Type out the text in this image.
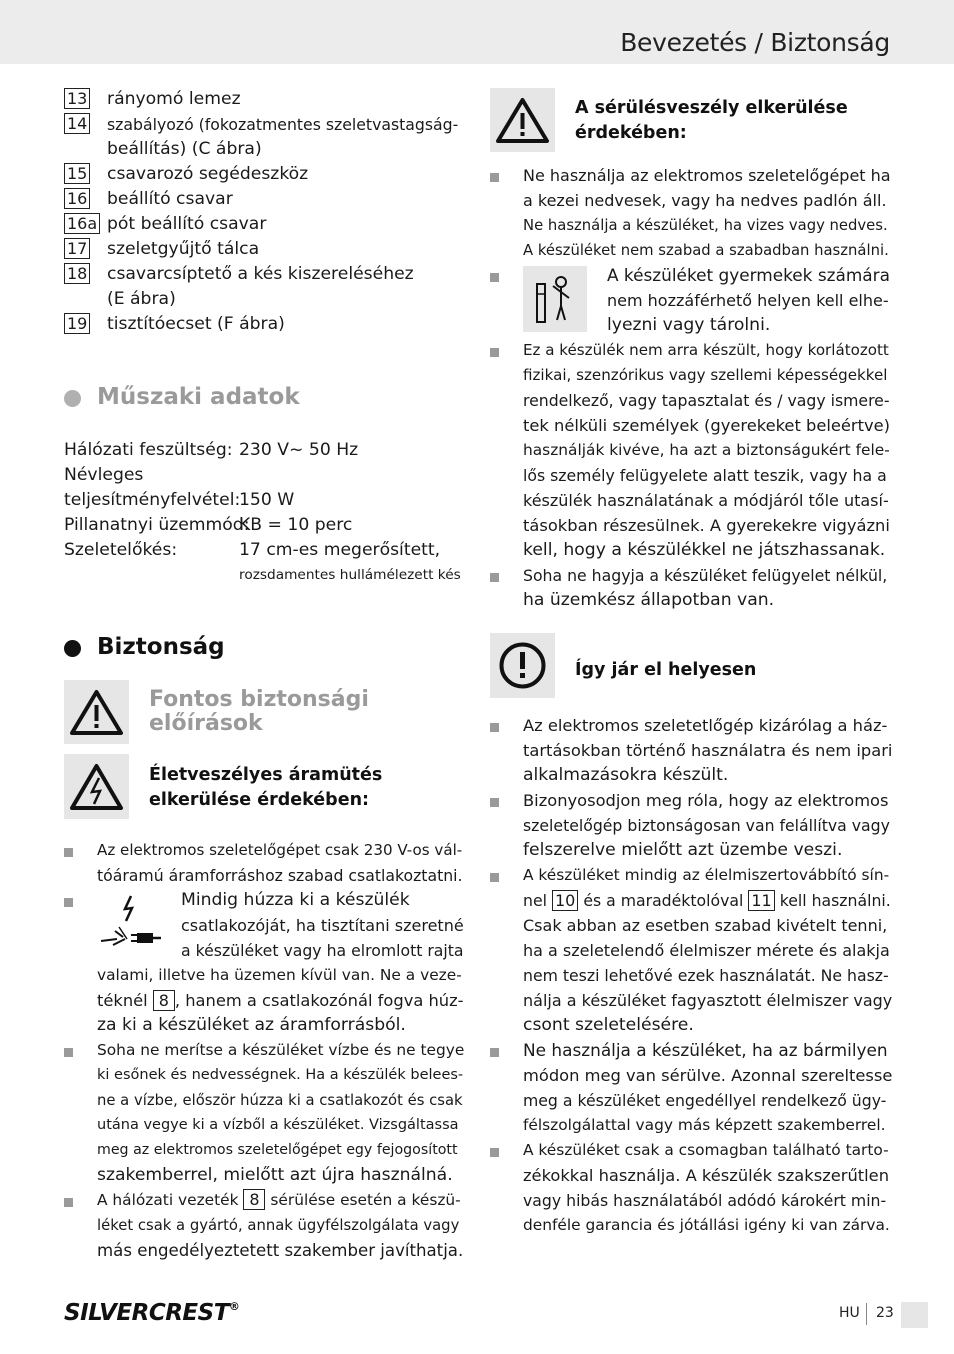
Bevezetés / Biztonság
Műszaki adatok
Biztonság
Fontos biztonsági
előírások
Életveszélyes áramütés
elkerülése érdekében:
A sérülésveszély elkerülése
érdekében:
Így jár el helyesen
SILVERCREST®	HU 23
13 rányomó lemez
14 szabályozó (fokozatmentes szeletvastagság-
beállítás) (C ábra)
15 csavarozó segédeszköz
16 beállító csavar
16a pót beállító csavar
17 szeletgyűjtő tálca
18 csavarcsíptető a kés kiszereléséhez
(E ábra)
19 tisztítóecset (F ábra)
Hálózati feszültség: 230 V~ 50 Hz
Névleges
teljesítményfelvétel:
150 W
Pillanatnyi üzemmód:
KB = 10 perc
Szeletelőkés:	17 cm-es megerősített,
rozsdamentes hullámélezett kés
Az elektromos szeletelőgépet csak 230 V-os vál-
tóáramú áramforráshoz szabad csatlakoztatni.
Mindig húzza ki a készülék
csatlakozóját, ha tisztítani szeretné
a készüléket vagy ha elromlott rajta
valami, illetve ha üzemen kívül van. Ne a veze-
téknél 8 , hanem a csatlakozónál fogva húz-
za ki a készüléket az áramforrásból.
Soha ne merítse a készüléket vízbe és ne tegye
ki esőnek és nedvességnek. Ha a készülék belees-
ne a vízbe, először húzza ki a csatlakozót és csak
utána vegye ki a vízből a készüléket. Vizsgáltassa
meg az elektromos szeletelőgépet egy fejogosított
szakemberrel, mielőtt azt újra használná.
A hálózati vezeték 8 sérülése esetén a készü-
léket csak a gyártó, annak ügyfélszolgálata vagy
más engedélyeztetett szakember javíthatja.
Ne használja az elektromos szeletelőgépet ha
a kezei nedvesek, vagy ha nedves padlón áll.
Ne használja a készüléket, ha vizes vagy nedves.
A készüléket nem szabad a szabadban használni.
A készüléket gyermekek számára
nem hozzáférhető helyen kell elhe-
lyezni vagy tárolni.
Ez a készülék nem arra készült, hogy korlátozott
fizikai, szenzórikus vagy szellemi képességekkel
rendelkező, vagy tapasztalat és / vagy ismere-
tek nélküli személyek (gyerekeket beleértve)
használják kivéve, ha azt a biztonságukért fele-
lős személy felügyelete alatt teszik, vagy ha a
készülék használatának a módjáról tőle utasí-
tásokban részesülnek. A gyerekekre vigyázni
kell, hogy a készülékkel ne játszhassanak.
Soha ne hagyja a készüléket felügyelet nélkül,
ha üzemkész állapotban van.
Az elektromos szeletetlőgép kizárólag a ház-
tartásokban történő használatra és nem ipari
alkalmazásokra készült.
Bizonyosodjon meg róla, hogy az elektromos
szeletelőgép biztonságosan van felállítva vagy
felszerelve mielőtt azt üzembe veszi.
A készüléket mindig az élelmiszertovábbító sín-
nel 10 és a maradéktolóval 11 kell használni.
Csak abban az esetben szabad kivételt tenni,
ha a szeletelendő élelmiszer mérete és alakja
nem teszi lehetővé ezek használatát. Ne hasz-
nálja a készüléket fagyasztott élelmiszer vagy
csont szeletelésére.
Ne használja a készüléket, ha az bármilyen
módon meg van sérülve. Azonnal szereltesse
meg a készüléket engedéllyel rendelkező ügy-
félszolgálattal vagy más képzett szakemberrel.
A készüléket csak a csomagban található tarto-
zékokkal használja. A készülék szakszerűtlen
vagy hibás használatából adódó károkért min-
denféle garancia és jótállási igény ki van zárva.
